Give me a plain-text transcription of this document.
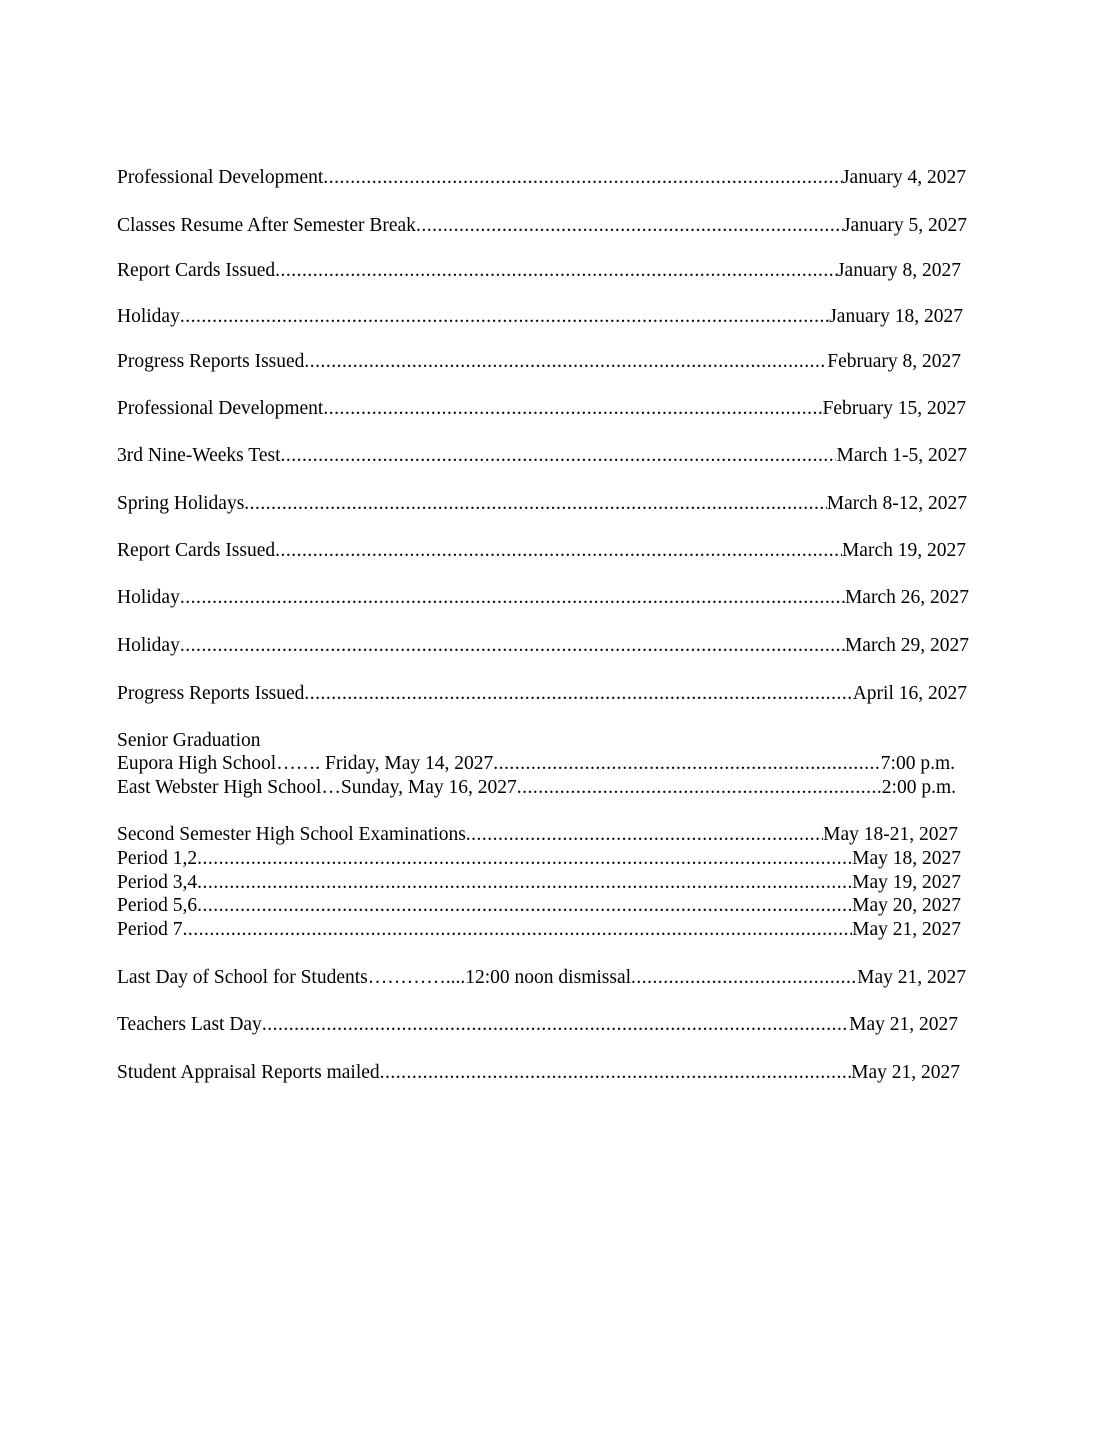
Professional Development .....	January 4, 2027
Classes Resume After Semester Break .....	January 5, 2027
Report Cards Issued .....	January 8, 2027
Holiday .....	January 18, 2027
Progress Reports Issued .....	February 8, 2027
Professional Development .....	February 15, 2027
3rd Nine-Weeks Test .....	March 1-5, 2027
Spring Holidays .....	March 8-12, 2027
Report Cards Issued .....	March 19, 2027
Holiday .....	March 26, 2027
Holiday .....	March 29, 2027
Progress Reports Issued .....	April 16, 2027
Senior Graduation
Eupora High School ……. Friday, May 14, 2027 .....	7:00 p.m.
East Webster High School …Sunday, May 16, 2027 .....	2:00 p.m.
Second Semester High School Examinations .....	May 18-21, 2027
Period 1,2 .....	May 18, 2027
Period 3,4 .....	May 19, 2027
Period 5,6 .....	May 20, 2027
Period 7 .....	May 21, 2027
Last Day of School for Students …………....12:00 noon dismissal .....	May 21, 2027
Teachers Last Day .....	May 21, 2027
Student Appraisal Reports mailed .....	May 21, 2027
